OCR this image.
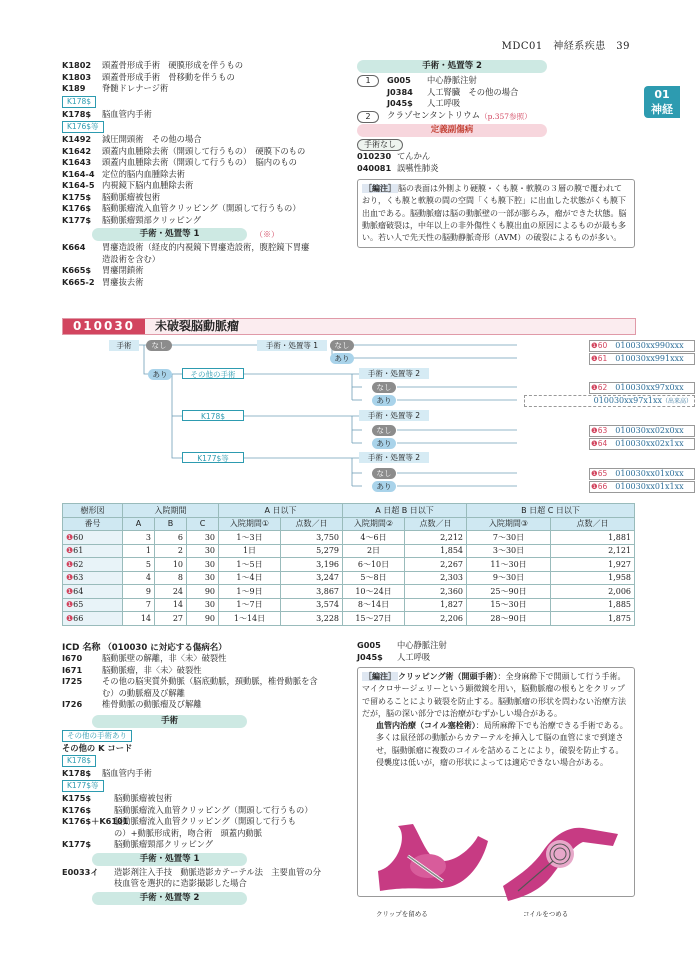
MDC01　神経系疾患　39
01
神経
K1802	頭蓋骨形成手術　硬膜形成を伴うもの
K1803	頭蓋骨形成手術　骨移動を伴うもの
K189	脊髄ドレナージ術
K178$
K178$	脳血管内手術
K176$等
K1492	減圧開頭術　その他の場合
K1642	頭蓋内血腫除去術（開頭して行うもの）　硬膜下のもの
K1643	頭蓋内血腫除去術（開頭して行うもの）　脳内のもの
K164-4 定位的脳内血腫除去術
K164-5 内視鏡下脳内血腫除去術
K175$	脳動脈瘤被包術
K176$	脳動脈瘤流入血管クリッピング（開頭して行うもの）
K177$	脳動脈瘤頸部クリッピング
手術・処置等 1	（※）
K664	胃瘻造設術（経皮的内視鏡下胃瘻造設術，腹腔鏡下胃瘻
造設術を含む）
K665$	胃瘻閉鎖術
K665-2 胃瘻抜去術
手術・処置等 2
1	G005	中心静脈注射
J0384	人工腎臓　その他の場合
J045$	人工呼吸
2	クラゾセンタントリウム （p.357参照）
定義副傷病
手術なし
010230 てんかん
040081 誤嚥性肺炎
［編注］ 脳の表面は外側より硬膜・くも膜・軟膜の３層の膜で覆われており，くも膜と軟膜の間の空間「くも膜下腔」に出血した状態がくも膜下出血である。脳動脈瘤は脳の動脈壁の一部が膨らみ，瘤ができた状態。脳動脈瘤破裂は，中年以上の非外傷性くも膜出血の原因によるものが最も多い。若い人で先天性の脳動静脈奇形（AVM）の破裂によるものが多い。
010030	未破裂脳動脈瘤
手術	なし	手術・処置等 1	なし
あり
あり	その他の手術	手術・処置等 2
なし
あり
K178$	手術・処置等 2
なし
あり
K177$等	手術・処置等 2
なし
あり
❶60　 010030xx990xxx
❶61　 010030xx991xxx
❶62　 010030xx97x0xx
010030xx97x1xx（出来高）
❶63　 010030xx02x0xx
❶64　 010030xx02x1xx
❶65　 010030xx01x0xx
❶66　 010030xx01x1xx
樹形図	入院期間			A 日以下		A 日超 B 日以下		B 日超 C 日以下	
番号	A	B	C	入院期間①	点数／日	入院期間②	点数／日	入院期間③	点数／日
❶60	3	6	30	1～3日	3,750	4～6日	2,212	7～30日	1,881
❶61	1	2	30	1日	5,279	2日	1,854	3～30日	2,121
❶62	5	10	30	1～5日	3,196	6～10日	2,267	11～30日	1,927
❶63	4	8	30	1～4日	3,247	5～8日	2,303	9～30日	1,958
❶64	9	24	90	1～9日	3,867	10～24日	2,360	25～90日	2,006
❶65	7	14	30	1～7日	3,574	8～14日	1,827	15～30日	1,885
❶66	14	27	90	1～14日	3,228	15～27日	2,206	28～90日	1,875
ICD 名称 （010030 に対応する傷病名）
I670	脳動脈壁の解離，非〈未〉破裂性
I671	脳動脈瘤，非〈未〉破裂性
I725	その他の脳実質外動脈（脳底動脈，頚動脈，椎骨動脈を含
む）の動脈瘤及び解離
I726	椎骨動脈の動脈瘤及び解離
手術
その他の手術あり
その他の K コード
K178$
K178$	脳血管内手術
K177$等
K175$	脳動脈瘤被包術
K176$	脳動脈瘤流入血管クリッピング（開頭して行うもの）
K176$＋K6101
脳動脈瘤流入血管クリッピング（開頭して行うも
の）+動脈形成術，吻合術　頭蓋内動脈
K177$	脳動脈瘤頸部クリッピング
手術・処置等 1
E0033イ	造影剤注入手技　動脈造影カテーテル法　主要血管の分
枝血管を選択的に造影撮影した場合
手術・処置等 2
G005	中心静脈注射
J045$	人工呼吸
［編注］ クリッピング術（開頭手術）：全身麻酔下で開頭して行う手術。マイクロサージェリーという顕微鏡を用い，脳動脈瘤の根もとをクリップで留めることにより破裂を防止する。脳動脈瘤の形状を問わない治療方法だが，脳の深い部分では治療がむずかしい場合がある。
血管内治療（コイル塞栓術）：局所麻酔下でも治療できる手術である。多くは鼠径部の動脈からカテーテルを挿入して脳の血管にまで到達させ，脳動脈瘤に複数のコイルを詰めることにより，破裂を防止する。侵襲度は低いが，瘤の形状によっては適応できない場合がある。
クリップを留める	コイルをつめる
